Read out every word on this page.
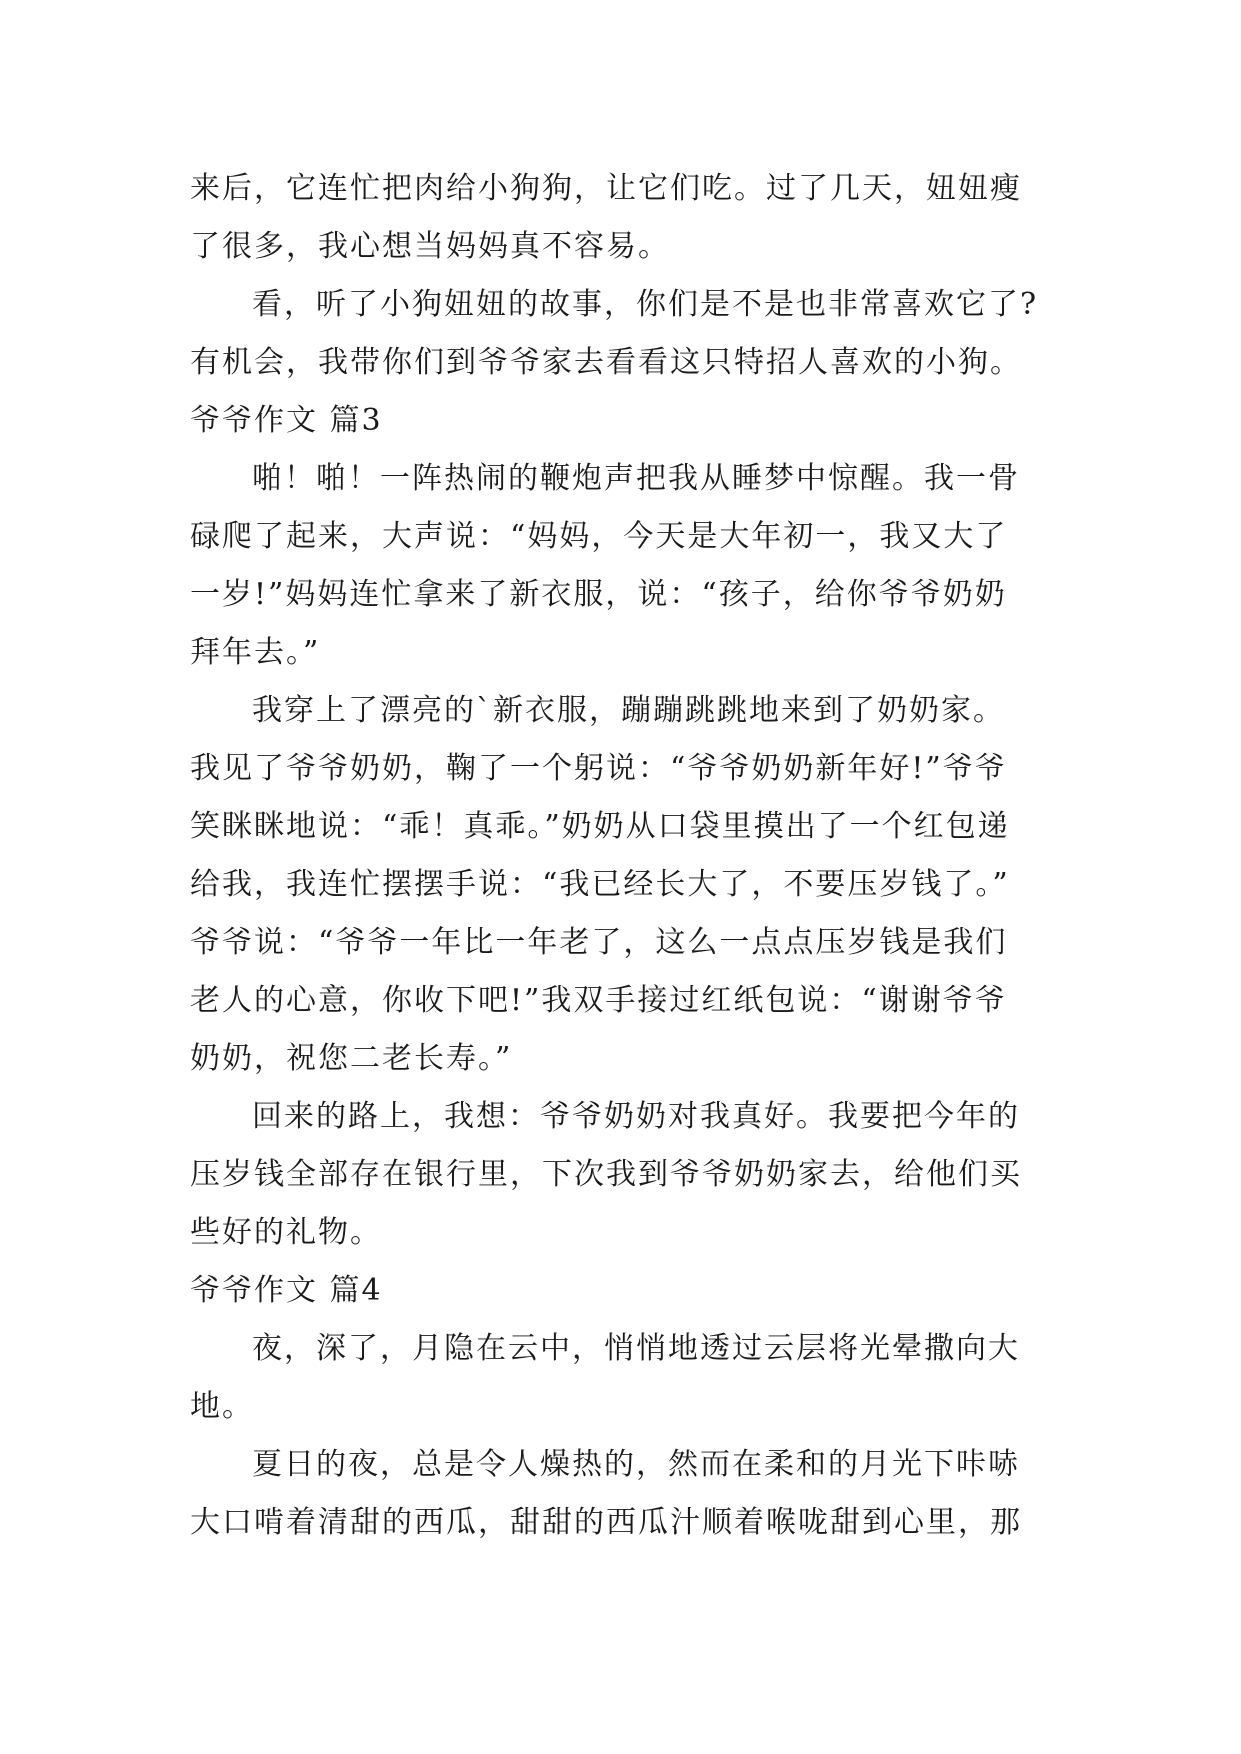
来后，它连忙把肉给小狗狗，让它们吃。过了几天，妞妞瘦
了很多，我心想当妈妈真不容易。
看，听了小狗妞妞的故事，你们是不是也非常喜欢它了?
有机会，我带你们到爷爷家去看看这只特招人喜欢的小狗。
爷爷作文 篇3
啪！啪！一阵热闹的鞭炮声把我从睡梦中惊醒。我一骨
碌爬了起来，大声说：“妈妈，今天是大年初一，我又大了
一岁!”妈妈连忙拿来了新衣服，说：“孩子，给你爷爷奶奶
拜年去。”
我穿上了漂亮的`新衣服，蹦蹦跳跳地来到了奶奶家。
我见了爷爷奶奶，鞠了一个躬说：“爷爷奶奶新年好!”爷爷
笑眯眯地说：“乖！真乖。”奶奶从口袋里摸出了一个红包递
给我，我连忙摆摆手说：“我已经长大了，不要压岁钱了。”
爷爷说：“爷爷一年比一年老了，这么一点点压岁钱是我们
老人的心意，你收下吧!”我双手接过红纸包说：“谢谢爷爷
奶奶，祝您二老长寿。”
回来的路上，我想：爷爷奶奶对我真好。我要把今年的
压岁钱全部存在银行里，下次我到爷爷奶奶家去，给他们买
些好的礼物。
爷爷作文 篇4
夜，深了，月隐在云中，悄悄地透过云层将光晕撒向大
地。
夏日的夜，总是令人燥热的，然而在柔和的月光下咔哧
大口啃着清甜的西瓜，甜甜的西瓜汁顺着喉咙甜到心里，那
